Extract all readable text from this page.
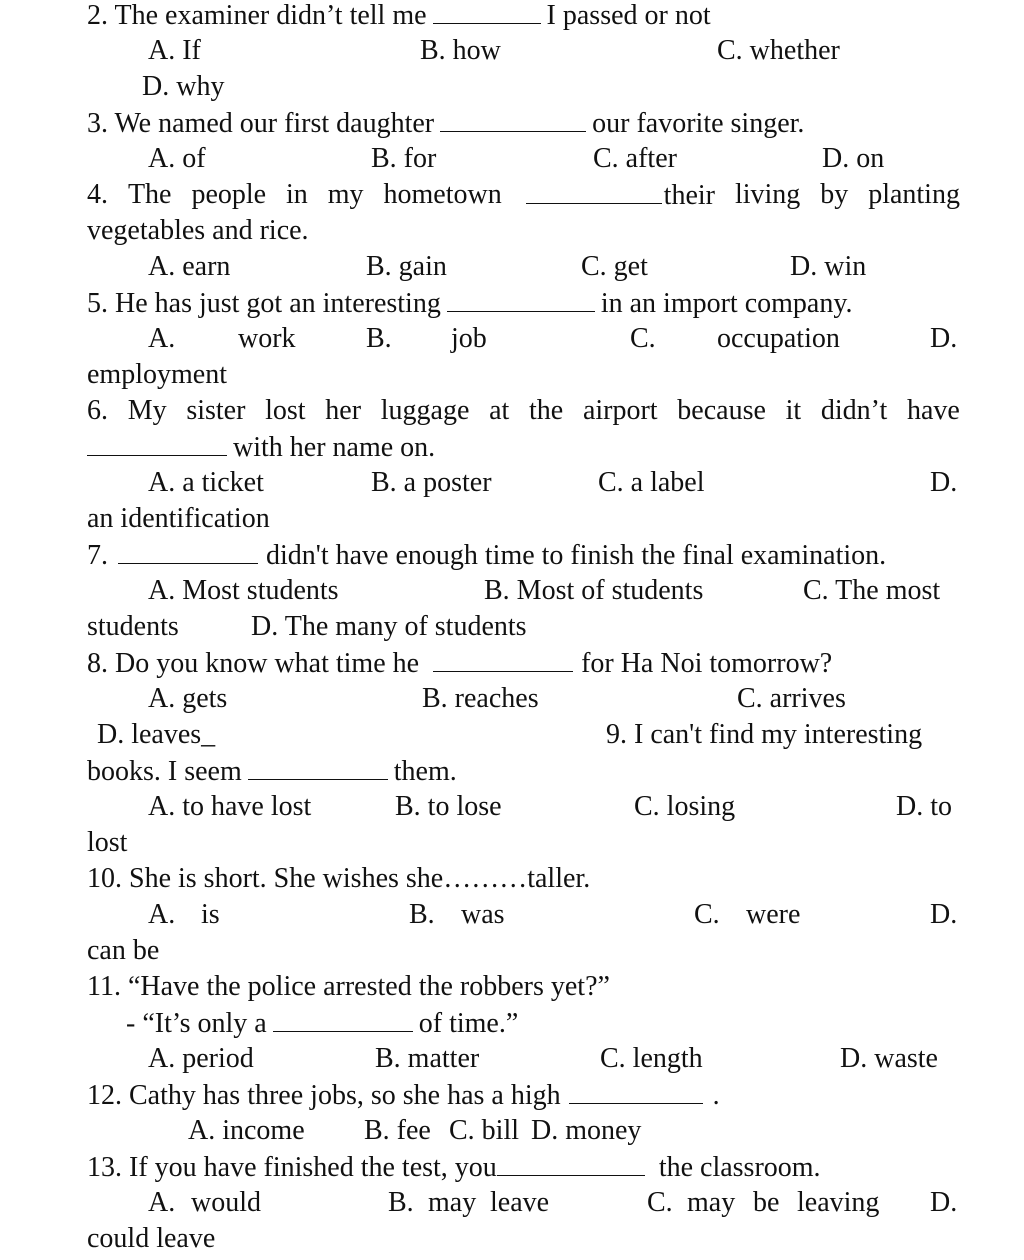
2. The examiner didn’t tell me	I passed or not
A. If	B. how	C. whether
D. why
3. We named our first daughter	our favorite singer.
A. of	B. for	C. after	D. on
4. The people in my hometown	their living by planting
vegetables and rice.
A. earn	B. gain	C. get	D. win
5. He has just got an interesting	in an import company.
A. work	B. job	C. occupation	D.
employment
6. My sister lost her luggage at the airport because it didn’t have
with her name on.
A. a ticket	B. a poster	C. a label	D.
an identification
7.	didn't have enough time to finish the final examination.
A. Most students	B. Most of students	C. The most
students	D. The many of students
8. Do you know what time he	for Ha Noi tomorrow?
A. gets	B. reaches	C. arrives
D. leaves_	9. I can't find my interesting
books. I seem	them.
A. to have lost	B. to lose	C. losing	D. to
lost
10. She is short. She wishes she………taller.
A. is	B. was	C. were	D.
can be
11. “Have the police arrested the robbers yet?”
- “It’s only a	of time.”
A. period	B. matter	C. length	D. waste
12. Cathy has three jobs, so she has a high	.
A. income B. fee C. bill D. money
13. If you have finished the test, you	the classroom.
A. would	B. may leave	C. may be leaving D.
could leave
